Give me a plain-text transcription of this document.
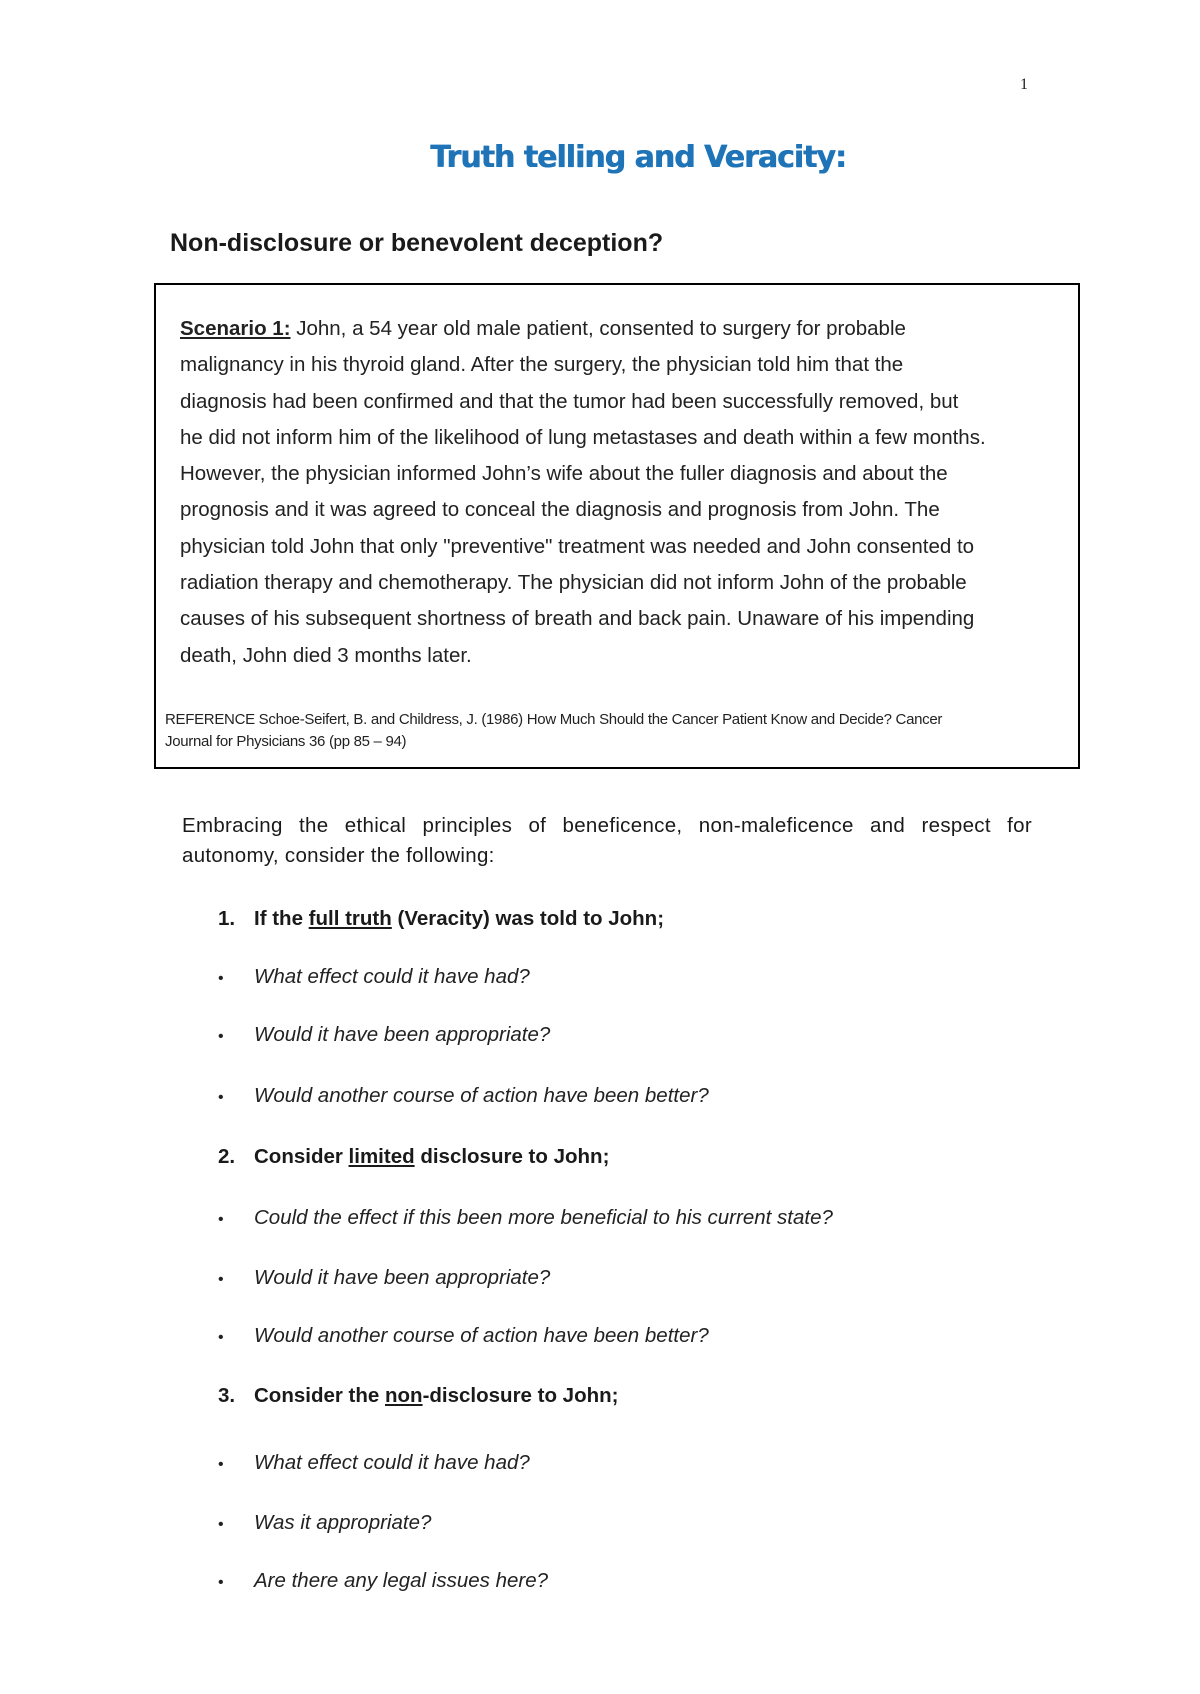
1
Truth telling and Veracity:
Non-disclosure or benevolent deception?
Scenario 1: John, a 54 year old male patient, consented to surgery for probable
malignancy in his thyroid gland. After the surgery, the physician told him that the
diagnosis had been confirmed and that the tumor had been successfully removed, but
he did not inform him of the likelihood of lung metastases and death within a few months.
However, the physician informed John’s wife about the fuller diagnosis and about the
prognosis and it was agreed to conceal the diagnosis and prognosis from John. The
physician told John that only "preventive" treatment was needed and John consented to
radiation therapy and chemotherapy. The physician did not inform John of the probable
causes of his subsequent shortness of breath and back pain. Unaware of his impending
death, John died 3 months later.
REFERENCE Schoe-Seifert, B. and Childress, J. (1986) How Much Should the Cancer Patient Know and Decide? Cancer
Journal for Physicians 36 (pp 85 – 94)
Embracing the ethical principles of beneficence, non-maleficence and respect for autonomy, consider the following:
1. If the full truth (Veracity) was told to John;
• What effect could it have had?
• Would it have been appropriate?
• Would another course of action have been better?
2. Consider limited disclosure to John;
• Could the effect if this been more beneficial to his current state?
• Would it have been appropriate?
• Would another course of action have been better?
3. Consider the non-disclosure to John;
• What effect could it have had?
• Was it appropriate?
• Are there any legal issues here?
